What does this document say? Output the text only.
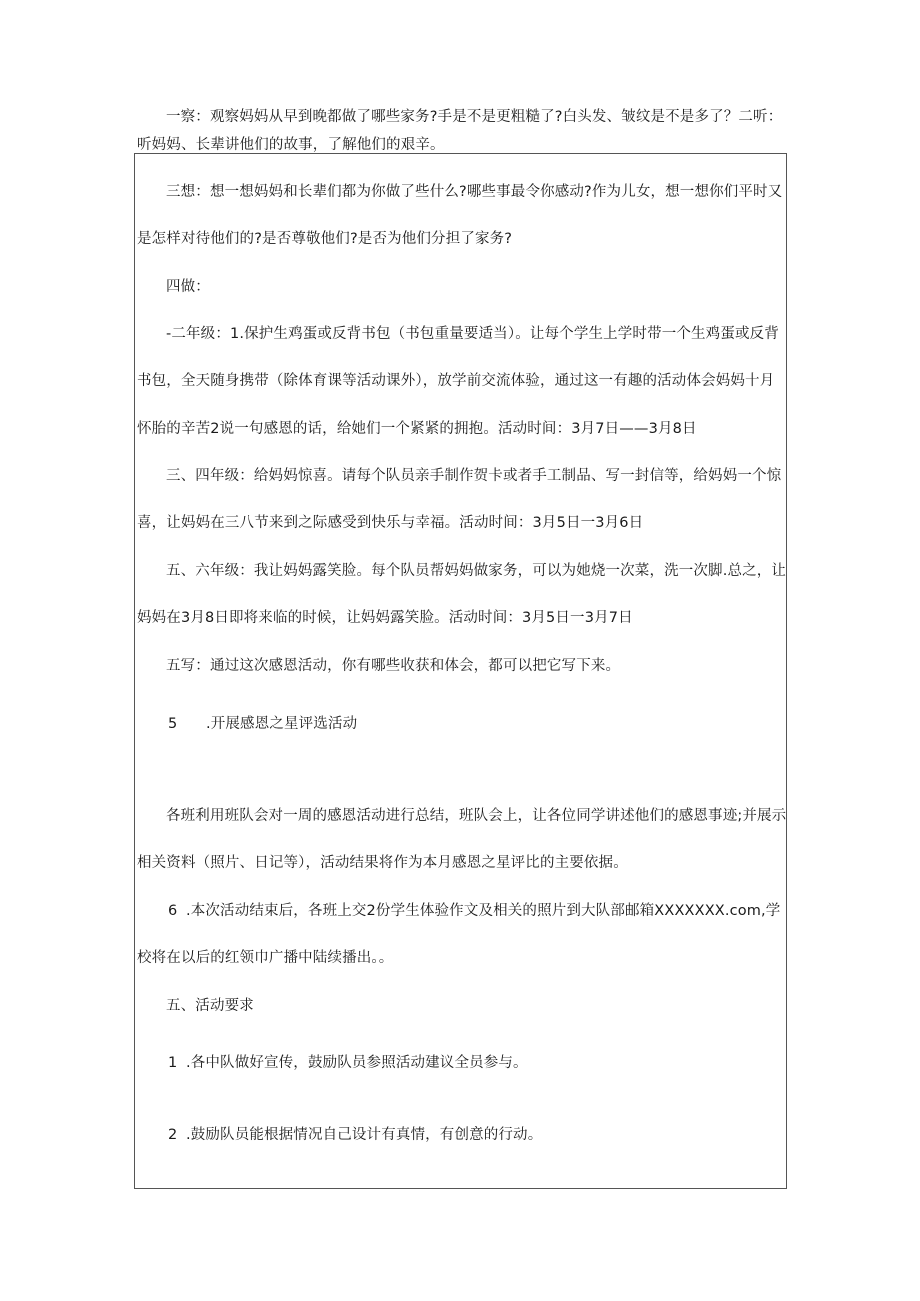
一察：观察妈妈从早到晚都做了哪些家务?手是不是更粗糙了?白头发、皱纹是不是多了？二听：
听妈妈、长辈讲他们的故事，了解他们的艰辛。
三想：想一想妈妈和长辈们都为你做了些什么?哪些事最令你感动?作为儿女，想一想你们平时又
是怎样对待他们的?是否尊敬他们?是否为他们分担了家务?
四做：
-二年级：1.保护生鸡蛋或反背书包（书包重量要适当）。让每个学生上学时带一个生鸡蛋或反背
书包，全天随身携带（除体育课等活动课外），放学前交流体验，通过这一有趣的活动体会妈妈十月
怀胎的辛苦2说一句感恩的话，给她们一个紧紧的拥抱。活动时间：3月7日——3月8日
三、四年级：给妈妈惊喜。请每个队员亲手制作贺卡或者手工制品、写一封信等，给妈妈一个惊
喜，让妈妈在三八节来到之际感受到快乐与幸福。活动时间：3月5日一3月6日
五、六年级：我让妈妈露笑脸。每个队员帮妈妈做家务，可以为她烧一次菜，洗一次脚.总之，让
妈妈在3月8日即将来临的时候，让妈妈露笑脸。活动时间：3月5日一3月7日
五写：通过这次感恩活动，你有哪些收获和体会，都可以把它写下来。
5 .开展感恩之星评选活动
各班利用班队会对一周的感恩活动进行总结，班队会上，让各位同学讲述他们的感恩事迹;并展示
相关资料（照片、日记等），活动结果将作为本月感恩之星评比的主要依据。
6 .本次活动结束后，各班上交2份学生体验作文及相关的照片到大队部邮箱XXXXXXX.com,学
校将在以后的红领巾广播中陆续播出。。
五、活动要求
1 .各中队做好宣传，鼓励队员参照活动建议全员参与。
2 .鼓励队员能根据情况自己设计有真情，有创意的行动。
